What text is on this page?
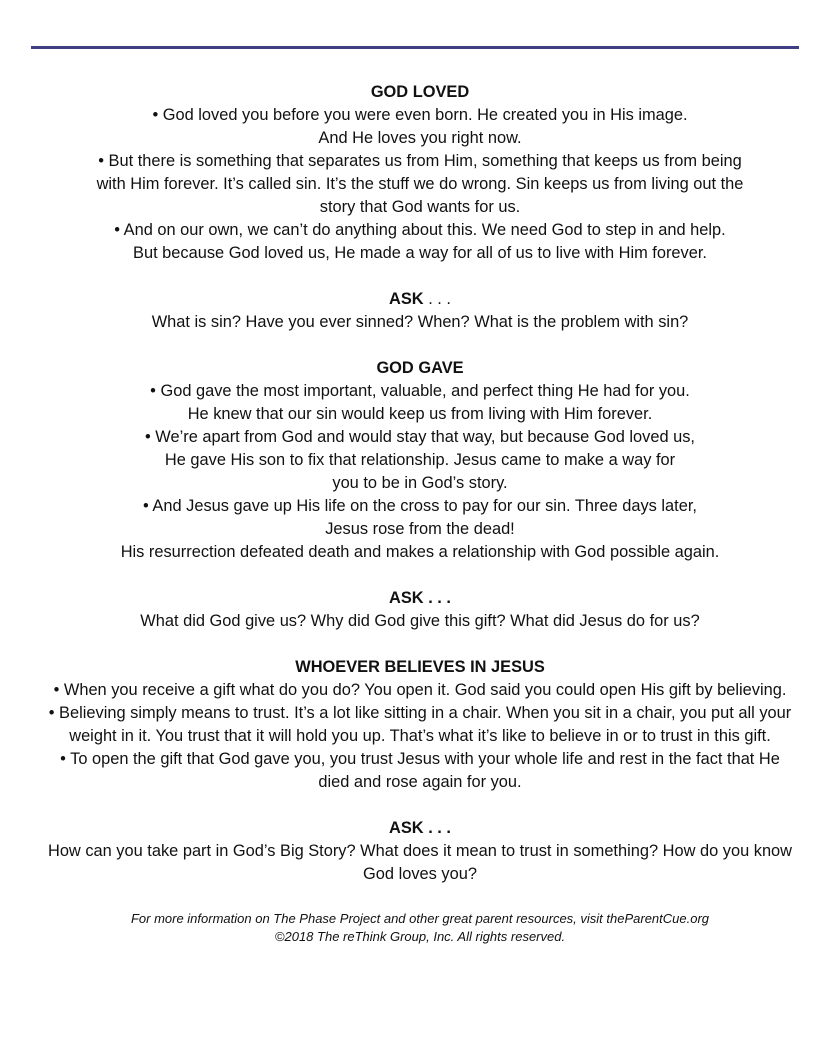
GOD LOVED

• God loved you before you were even born. He created you in His image.

And He loves you right now.

• But there is something that separates us from Him, something that keeps us from being

with Him forever. It’s called sin. It’s the stuff we do wrong. Sin keeps us from living out the

story that God wants for us.

• And on our own, we can’t do anything about this. We need God to step in and help.

But because God loved us, He made a way for all of us to live with Him forever.

ASK . . .

What is sin? Have you ever sinned? When? What is the problem with sin?

GOD GAVE

• God gave the most important, valuable, and perfect thing He had for you.

He knew that our sin would keep us from living with Him forever.

• We’re apart from God and would stay that way, but because God loved us,

He gave His son to fix that relationship. Jesus came to make a way for

you to be in God’s story.

• And Jesus gave up His life on the cross to pay for our sin. Three days later,

Jesus rose from the dead!

His resurrection defeated death and makes a relationship with God possible again.

ASK . . .

What did God give us? Why did God give this gift? What did Jesus do for us?

WHOEVER BELIEVES IN JESUS

• When you receive a gift what do you do? You open it. God said you could open His gift by believing.

• Believing simply means to trust. It’s a lot like sitting in a chair. When you sit in a chair, you put all your

weight in it. You trust that it will hold you up. That’s what it’s like to believe in or to trust in this gift.

• To open the gift that God gave you, you trust Jesus with your whole life and rest in the fact that He

died and rose again for you.

ASK . . .

How can you take part in God’s Big Story? What does it mean to trust in something? How do you know

God loves you?

For more information on The Phase Project and other great parent resources, visit theParentCue.org

©2018 The reThink Group, Inc. All rights reserved.
